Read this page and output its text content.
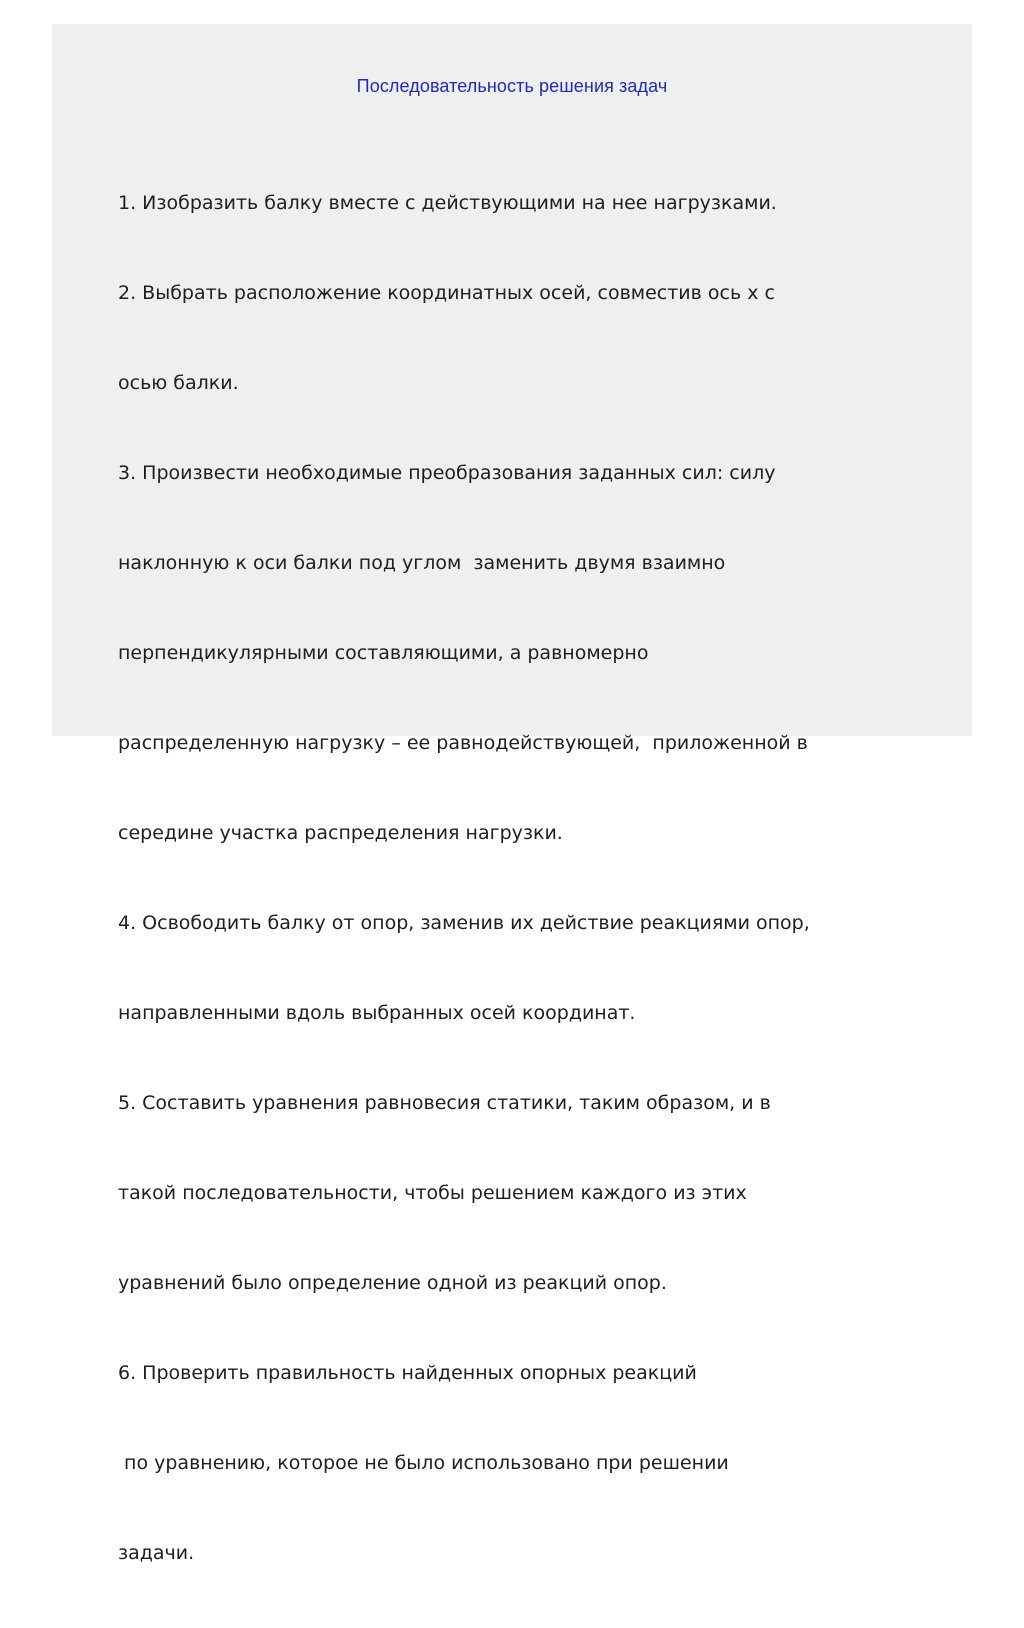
Последовательность решения задач

1. Изобразить балку вместе с действующими на нее нагрузками.

2. Выбрать расположение координатных осей, совместив ось х с

осью балки.

3. Произвести необходимые преобразования заданных сил: силу

наклонную к оси балки под углом  заменить двумя взаимно

перпендикулярными составляющими, а равномерно

распределенную нагрузку – ее равнодействующей,  приложенной в

середине участка распределения нагрузки.

4. Освободить балку от опор, заменив их действие реакциями опор,

направленными вдоль выбранных осей координат.

5. Составить уравнения равновесия статики, таким образом, и в

такой последовательности, чтобы решением каждого из этих

уравнений было определение одной из реакций опор.

6. Проверить правильность найденных опорных реакций

по уравнению, которое не было использовано при решении

задачи.
